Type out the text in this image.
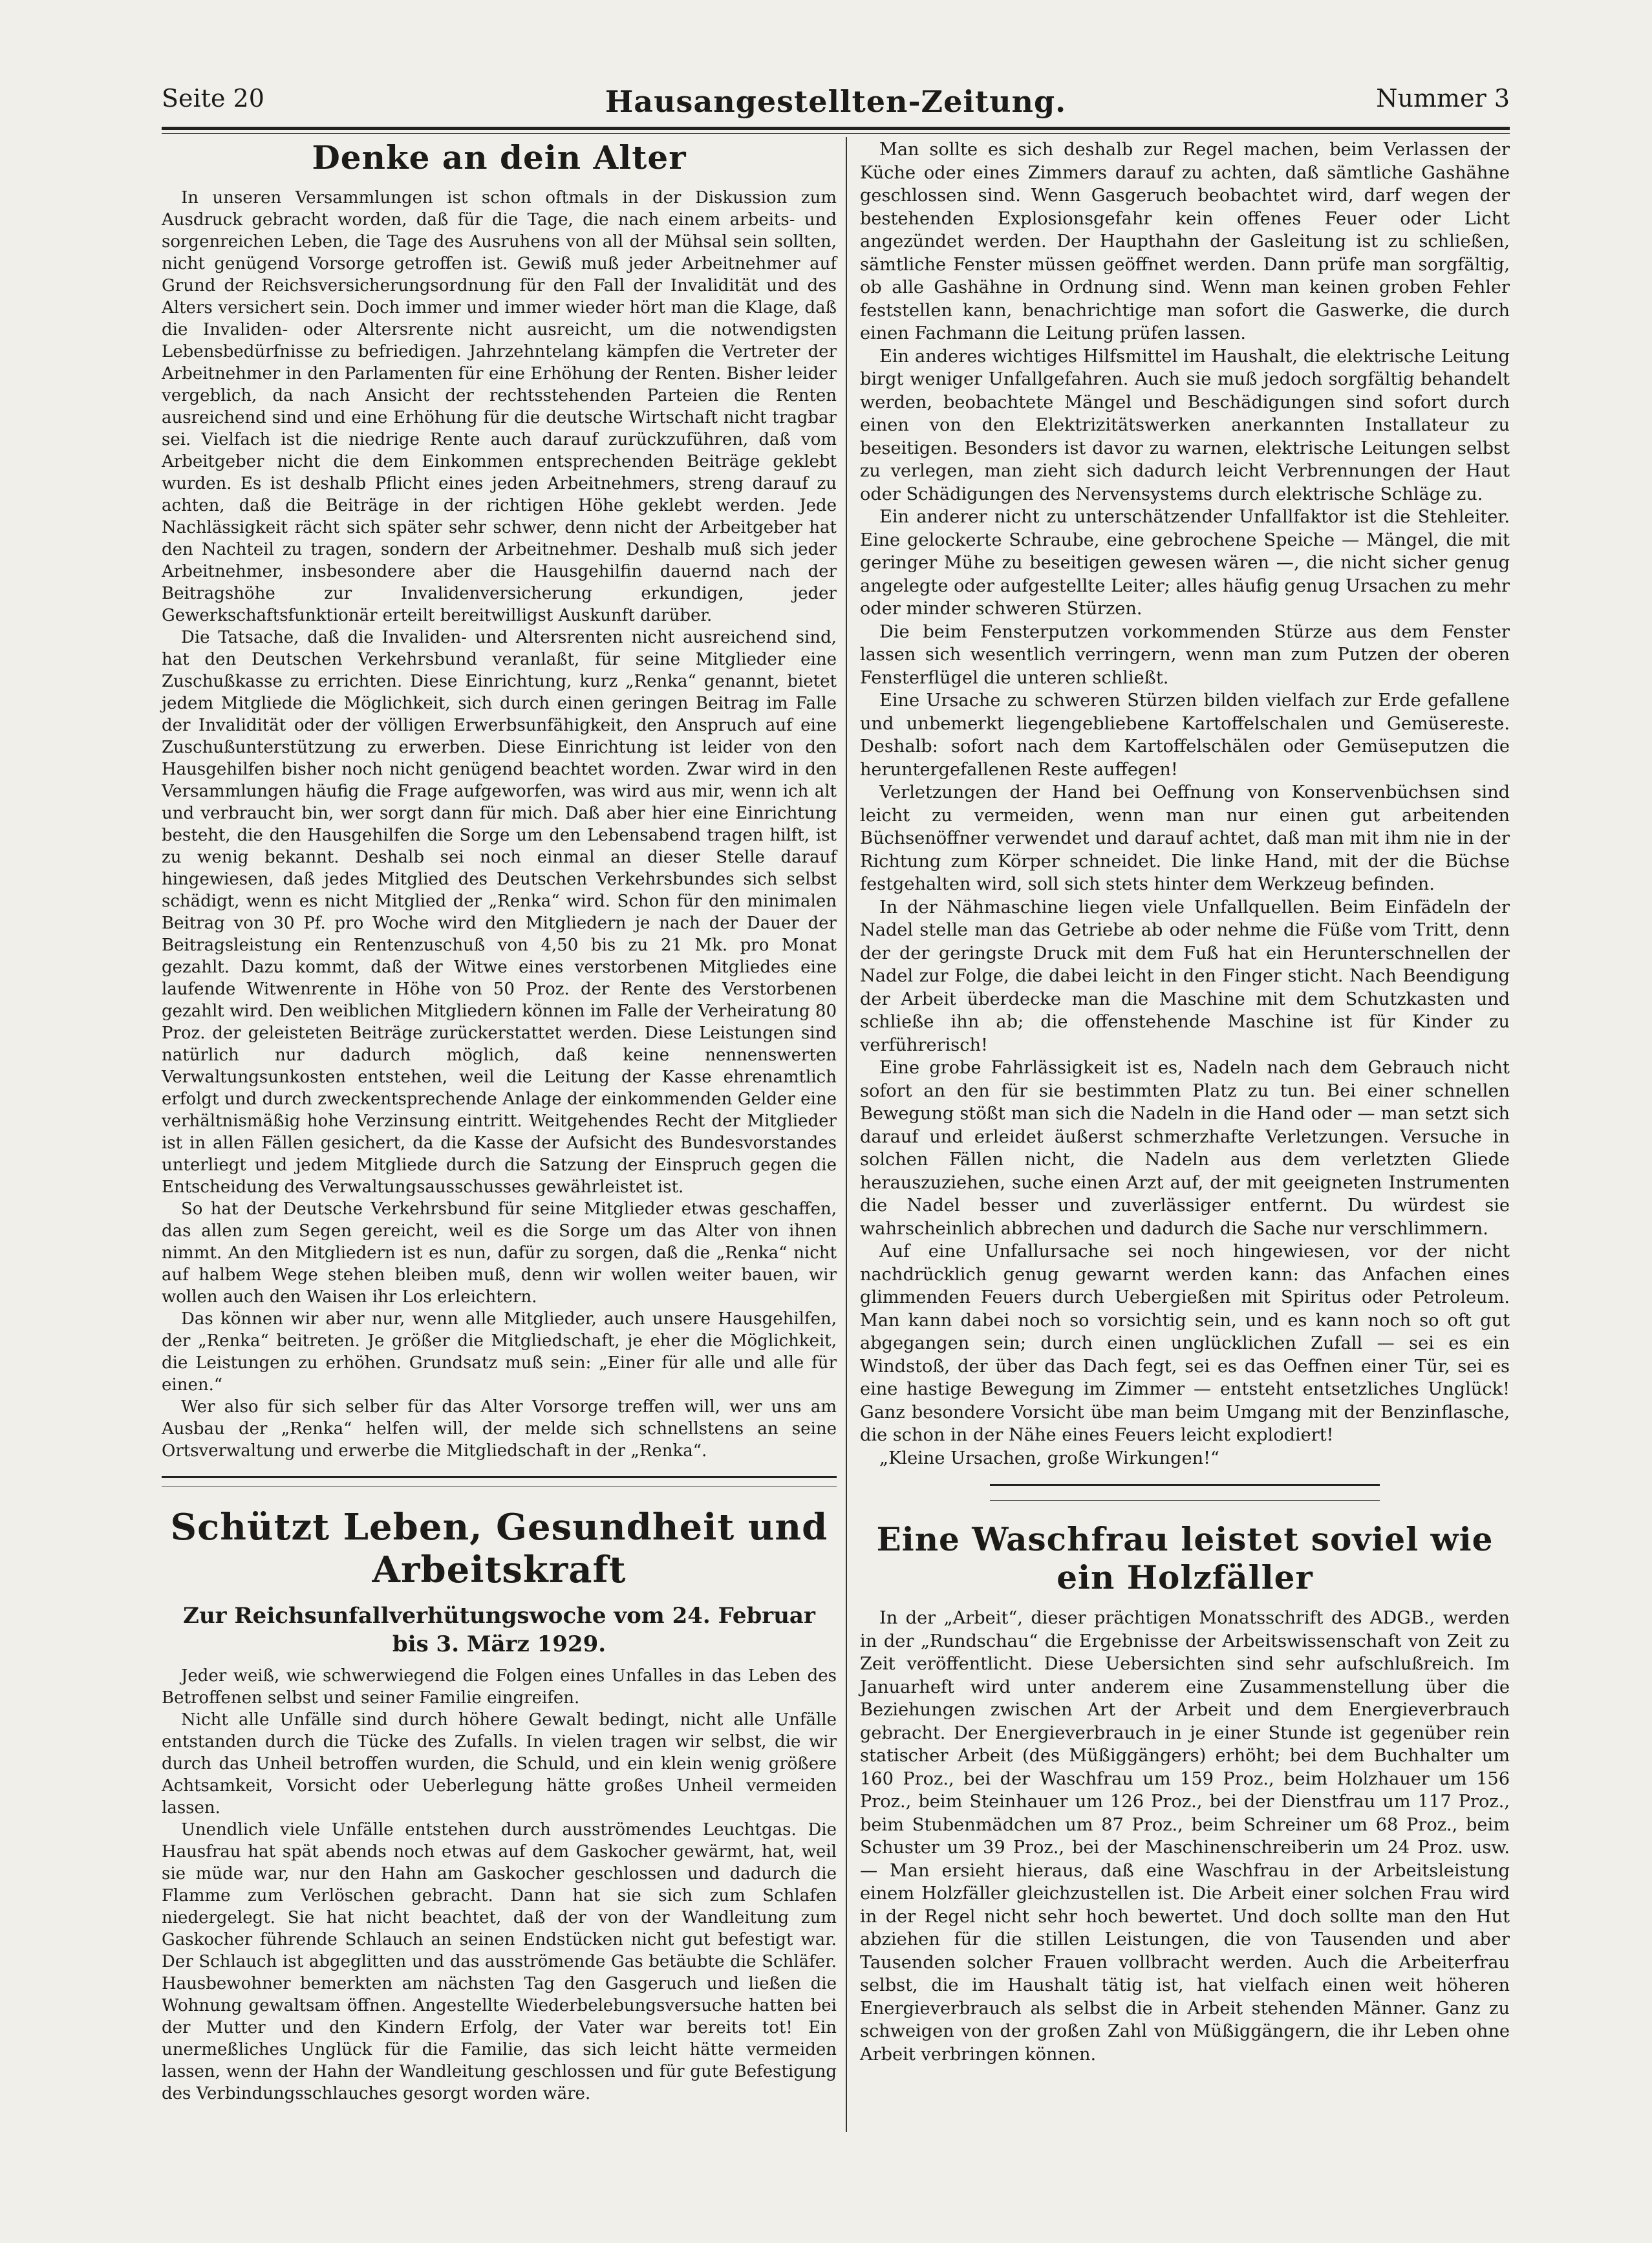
Seite 20	Hausangestellten-Zeitung.	Nummer 3
Denke an dein Alter

In unseren Versammlungen ist schon oftmals in der Diskussion zum Ausdruck gebracht worden, daß für die Tage, die nach einem arbeits- und sorgenreichen Leben, die Tage des Ausruhens von all der Mühsal sein sollten, nicht genügend Vorsorge getroffen ist. Gewiß muß jeder Arbeitnehmer auf Grund der Reichsversicherungsordnung für den Fall der Invalidität und des Alters versichert sein. Doch immer und immer wieder hört man die Klage, daß die Invaliden- oder Altersrente nicht ausreicht, um die notwendigsten Lebensbedürfnisse zu befriedigen. Jahrzehntelang kämpfen die Vertreter der Arbeitnehmer in den Parlamenten für eine Erhöhung der Renten. Bisher leider vergeblich, da nach Ansicht der rechtsstehenden Parteien die Renten ausreichend sind und eine Erhöhung für die deutsche Wirtschaft nicht tragbar sei. Vielfach ist die niedrige Rente auch darauf zurückzuführen, daß vom Arbeitgeber nicht die dem Einkommen entsprechenden Beiträge geklebt wurden. Es ist deshalb Pflicht eines jeden Arbeitnehmers, streng darauf zu achten, daß die Beiträge in der richtigen Höhe geklebt werden. Jede Nachlässigkeit rächt sich später sehr schwer, denn nicht der Arbeitgeber hat den Nachteil zu tragen, sondern der Arbeitnehmer. Deshalb muß sich jeder Arbeitnehmer, insbesondere aber die Hausgehilfin dauernd nach der Beitragshöhe zur Invalidenversicherung erkundigen, jeder Gewerkschaftsfunktionär erteilt bereitwilligst Auskunft darüber.

Die Tatsache, daß die Invaliden- und Altersrenten nicht ausreichend sind, hat den Deutschen Verkehrsbund veranlaßt, für seine Mitglieder eine Zuschußkasse zu errichten. Diese Einrichtung, kurz „Renka“ genannt, bietet jedem Mitgliede die Möglichkeit, sich durch einen geringen Beitrag im Falle der Invalidität oder der völligen Erwerbsunfähigkeit, den Anspruch auf eine Zuschußunterstützung zu erwerben. Diese Einrichtung ist leider von den Hausgehilfen bisher noch nicht genügend beachtet worden. Zwar wird in den Versammlungen häufig die Frage aufgeworfen, was wird aus mir, wenn ich alt und verbraucht bin, wer sorgt dann für mich. Daß aber hier eine Einrichtung besteht, die den Hausgehilfen die Sorge um den Lebensabend tragen hilft, ist zu wenig bekannt. Deshalb sei noch einmal an dieser Stelle darauf hingewiesen, daß jedes Mitglied des Deutschen Verkehrsbundes sich selbst schädigt, wenn es nicht Mitglied der „Renka“ wird. Schon für den minimalen Beitrag von 30 Pf. pro Woche wird den Mitgliedern je nach der Dauer der Beitragsleistung ein Rentenzuschuß von 4,50 bis zu 21 Mk. pro Monat gezahlt. Dazu kommt, daß der Witwe eines verstorbenen Mitgliedes eine laufende Witwenrente in Höhe von 50 Proz. der Rente des Verstorbenen gezahlt wird. Den weiblichen Mitgliedern können im Falle der Verheiratung 80 Proz. der geleisteten Beiträge zurückerstattet werden. Diese Leistungen sind natürlich nur dadurch möglich, daß keine nennenswerten Verwaltungsunkosten entstehen, weil die Leitung der Kasse ehrenamtlich erfolgt und durch zweckentsprechende Anlage der einkommenden Gelder eine verhältnismäßig hohe Verzinsung eintritt. Weitgehendes Recht der Mitglieder ist in allen Fällen gesichert, da die Kasse der Aufsicht des Bundesvorstandes unterliegt und jedem Mitgliede durch die Satzung der Einspruch gegen die Entscheidung des Verwaltungsausschusses gewährleistet ist.

So hat der Deutsche Verkehrsbund für seine Mitglieder etwas geschaffen, das allen zum Segen gereicht, weil es die Sorge um das Alter von ihnen nimmt. An den Mitgliedern ist es nun, dafür zu sorgen, daß die „Renka“ nicht auf halbem Wege stehen bleiben muß, denn wir wollen weiter bauen, wir wollen auch den Waisen ihr Los erleichtern.

Das können wir aber nur, wenn alle Mitglieder, auch unsere Hausgehilfen, der „Renka“ beitreten. Je größer die Mitgliedschaft, je eher die Möglichkeit, die Leistungen zu erhöhen. Grundsatz muß sein: „Einer für alle und alle für einen.“

Wer also für sich selber für das Alter Vorsorge treffen will, wer uns am Ausbau der „Renka“ helfen will, der melde sich schnellstens an seine Ortsverwaltung und erwerbe die Mitgliedschaft in der „Renka“.

Schützt Leben, Gesundheit und Arbeitskraft
Zur Reichsunfallverhütungswoche vom 24. Februar bis 3. März 1929.

Jeder weiß, wie schwerwiegend die Folgen eines Unfalles in das Leben des Betroffenen selbst und seiner Familie eingreifen.

Nicht alle Unfälle sind durch höhere Gewalt bedingt, nicht alle Unfälle entstanden durch die Tücke des Zufalls. In vielen tragen wir selbst, die wir durch das Unheil betroffen wurden, die Schuld, und ein klein wenig größere Achtsamkeit, Vorsicht oder Ueberlegung hätte großes Unheil vermeiden lassen.

Unendlich viele Unfälle entstehen durch ausströmendes Leuchtgas. Die Hausfrau hat spät abends noch etwas auf dem Gaskocher gewärmt, hat, weil sie müde war, nur den Hahn am Gaskocher geschlossen und dadurch die Flamme zum Verlöschen gebracht. Dann hat sie sich zum Schlafen niedergelegt. Sie hat nicht beachtet, daß der von der Wandleitung zum Gaskocher führende Schlauch an seinen Endstücken nicht gut befestigt war. Der Schlauch ist abgeglitten und das ausströmende Gas betäubte die Schläfer. Hausbewohner bemerkten am nächsten Tag den Gasgeruch und ließen die Wohnung gewaltsam öffnen. Angestellte Wiederbelebungsversuche hatten bei der Mutter und den Kindern Erfolg, der Vater war bereits tot! Ein unermeßliches Unglück für die Familie, das sich leicht hätte vermeiden lassen, wenn der Hahn der Wandleitung geschlossen und für gute Befestigung des Verbindungsschlauches gesorgt worden wäre.

Man sollte es sich deshalb zur Regel machen, beim Verlassen der Küche oder eines Zimmers darauf zu achten, daß sämtliche Gashähne geschlossen sind. Wenn Gasgeruch beobachtet wird, darf wegen der bestehenden Explosionsgefahr kein offenes Feuer oder Licht angezündet werden. Der Haupthahn der Gasleitung ist zu schließen, sämtliche Fenster müssen geöffnet werden. Dann prüfe man sorgfältig, ob alle Gashähne in Ordnung sind. Wenn man keinen groben Fehler feststellen kann, benachrichtige man sofort die Gaswerke, die durch einen Fachmann die Leitung prüfen lassen.

Ein anderes wichtiges Hilfsmittel im Haushalt, die elektrische Leitung birgt weniger Unfallgefahren. Auch sie muß jedoch sorgfältig behandelt werden, beobachtete Mängel und Beschädigungen sind sofort durch einen von den Elektrizitätswerken anerkannten Installateur zu beseitigen. Besonders ist davor zu warnen, elektrische Leitungen selbst zu verlegen, man zieht sich dadurch leicht Verbrennungen der Haut oder Schädigungen des Nervensystems durch elektrische Schläge zu.

Ein anderer nicht zu unterschätzender Unfallfaktor ist die Stehleiter. Eine gelockerte Schraube, eine gebrochene Speiche — Mängel, die mit geringer Mühe zu beseitigen gewesen wären —, die nicht sicher genug angelegte oder aufgestellte Leiter; alles häufig genug Ursachen zu mehr oder minder schweren Stürzen.

Die beim Fensterputzen vorkommenden Stürze aus dem Fenster lassen sich wesentlich verringern, wenn man zum Putzen der oberen Fensterflügel die unteren schließt.

Eine Ursache zu schweren Stürzen bilden vielfach zur Erde gefallene und unbemerkt liegengebliebene Kartoffelschalen und Gemüsereste. Deshalb: sofort nach dem Kartoffelschälen oder Gemüseputzen die heruntergefallenen Reste auffegen!

Verletzungen der Hand bei Oeffnung von Konservenbüchsen sind leicht zu vermeiden, wenn man nur einen gut arbeitenden Büchsenöffner verwendet und darauf achtet, daß man mit ihm nie in der Richtung zum Körper schneidet. Die linke Hand, mit der die Büchse festgehalten wird, soll sich stets hinter dem Werkzeug befinden.

In der Nähmaschine liegen viele Unfallquellen. Beim Einfädeln der Nadel stelle man das Getriebe ab oder nehme die Füße vom Tritt, denn der der geringste Druck mit dem Fuß hat ein Herunterschnellen der Nadel zur Folge, die dabei leicht in den Finger sticht. Nach Beendigung der Arbeit überdecke man die Maschine mit dem Schutzkasten und schließe ihn ab; die offenstehende Maschine ist für Kinder zu verführerisch!

Eine grobe Fahrlässigkeit ist es, Nadeln nach dem Gebrauch nicht sofort an den für sie bestimmten Platz zu tun. Bei einer schnellen Bewegung stößt man sich die Nadeln in die Hand oder — man setzt sich darauf und erleidet äußerst schmerzhafte Verletzungen. Versuche in solchen Fällen nicht, die Nadeln aus dem verletzten Gliede herauszuziehen, suche einen Arzt auf, der mit geeigneten Instrumenten die Nadel besser und zuverlässiger entfernt. Du würdest sie wahrscheinlich abbrechen und dadurch die Sache nur verschlimmern.

Auf eine Unfallursache sei noch hingewiesen, vor der nicht nachdrücklich genug gewarnt werden kann: das Anfachen eines glimmenden Feuers durch Uebergießen mit Spiritus oder Petroleum. Man kann dabei noch so vorsichtig sein, und es kann noch so oft gut abgegangen sein; durch einen unglücklichen Zufall — sei es ein Windstoß, der über das Dach fegt, sei es das Oeffnen einer Tür, sei es eine hastige Bewegung im Zimmer — entsteht entsetzliches Unglück! Ganz besondere Vorsicht übe man beim Umgang mit der Benzinflasche, die schon in der Nähe eines Feuers leicht explodiert!

„Kleine Ursachen, große Wirkungen!“

Eine Waschfrau leistet soviel wie ein Holzfäller

In der „Arbeit“, dieser prächtigen Monatsschrift des ADGB., werden in der „Rundschau“ die Ergebnisse der Arbeitswissenschaft von Zeit zu Zeit veröffentlicht. Diese Uebersichten sind sehr aufschlußreich. Im Januarheft wird unter anderem eine Zusammenstellung über die Beziehungen zwischen Art der Arbeit und dem Energieverbrauch gebracht. Der Energieverbrauch in je einer Stunde ist gegenüber rein statischer Arbeit (des Müßiggängers) erhöht; bei dem Buchhalter um 160 Proz., bei der Waschfrau um 159 Proz., beim Holzhauer um 156 Proz., beim Steinhauer um 126 Proz., bei der Dienstfrau um 117 Proz., beim Stubenmädchen um 87 Proz., beim Schreiner um 68 Proz., beim Schuster um 39 Proz., bei der Maschinenschreiberin um 24 Proz. usw. — Man ersieht hieraus, daß eine Waschfrau in der Arbeitsleistung einem Holzfäller gleichzustellen ist. Die Arbeit einer solchen Frau wird in der Regel nicht sehr hoch bewertet. Und doch sollte man den Hut abziehen für die stillen Leistungen, die von Tausenden und aber Tausenden solcher Frauen vollbracht werden. Auch die Arbeiterfrau selbst, die im Haushalt tätig ist, hat vielfach einen weit höheren Energieverbrauch als selbst die in Arbeit stehenden Männer. Ganz zu schweigen von der großen Zahl von Müßiggängern, die ihr Leben ohne Arbeit verbringen können.
